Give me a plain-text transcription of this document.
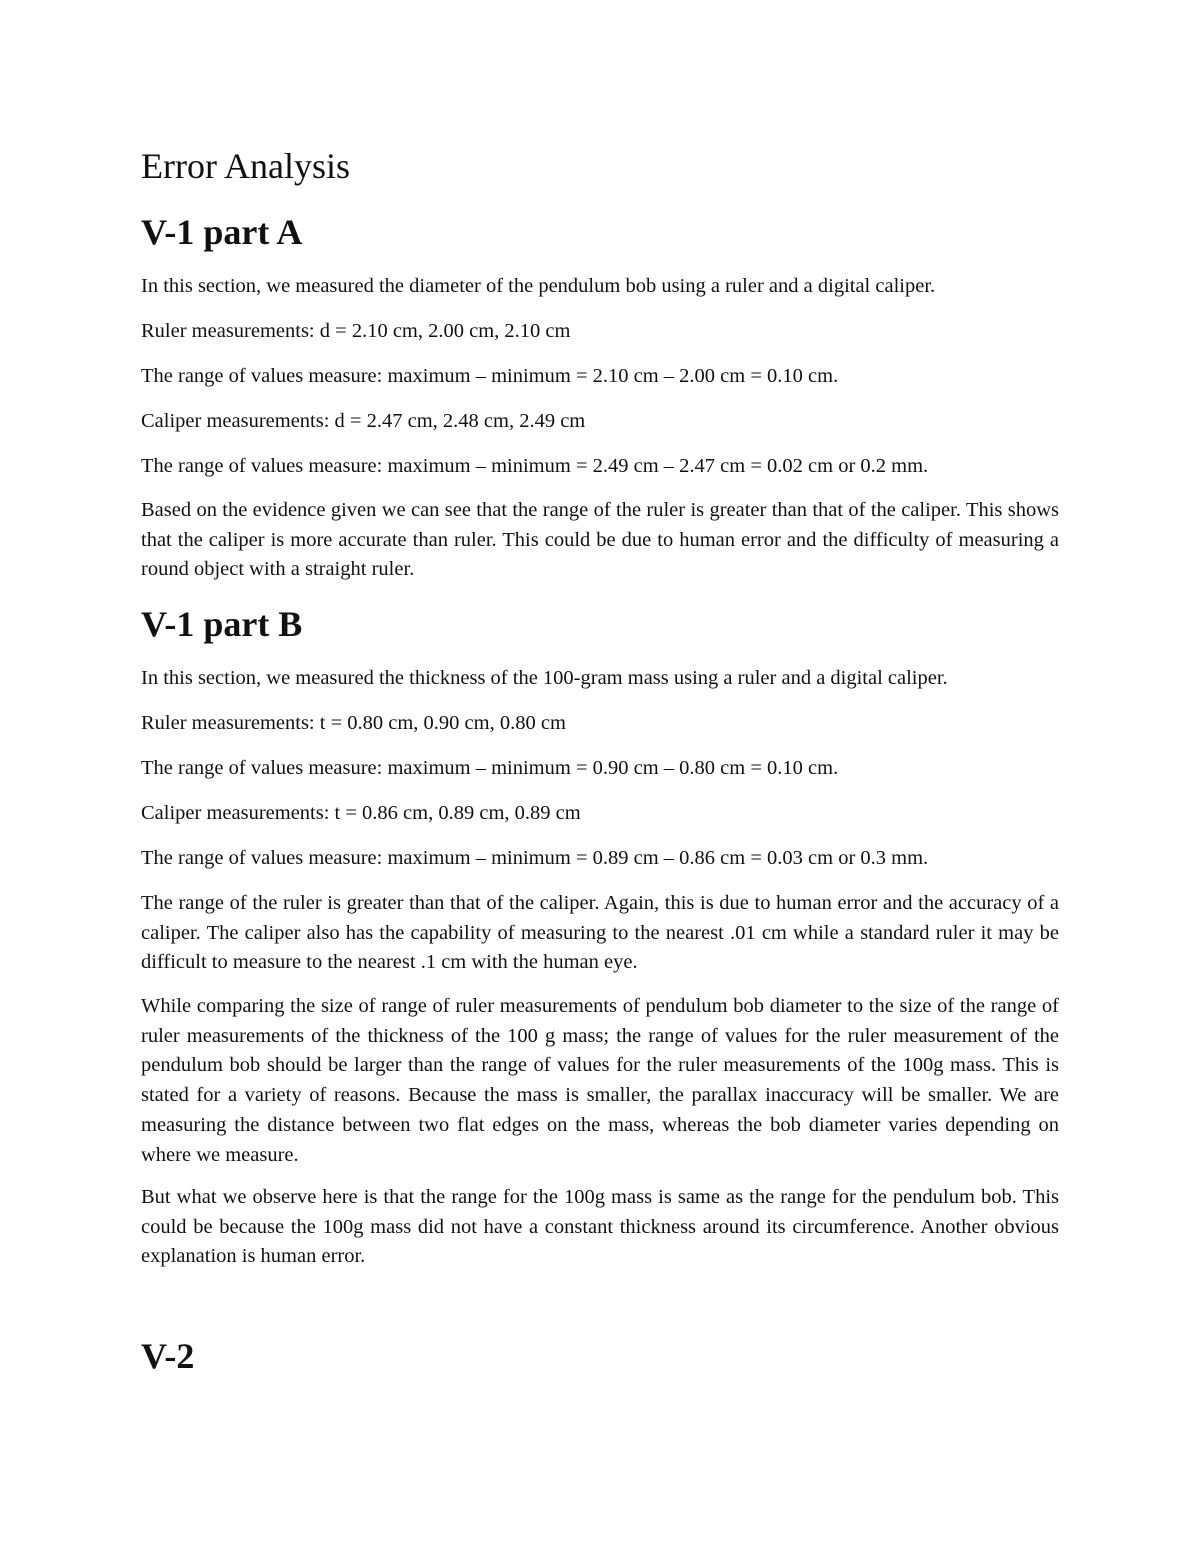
Error Analysis
V-1 part A

In this section, we measured the diameter of the pendulum bob using a ruler and a digital caliper.

Ruler measurements: d = 2.10 cm, 2.00 cm, 2.10 cm

The range of values measure: maximum – minimum = 2.10 cm – 2.00 cm = 0.10 cm.

Caliper measurements: d = 2.47 cm, 2.48 cm, 2.49 cm

The range of values measure: maximum – minimum = 2.49 cm – 2.47 cm = 0.02 cm or 0.2 mm.

Based on the evidence given we can see that the range of the ruler is greater than that of the caliper. This shows that the caliper is more accurate than ruler. This could be due to human error and the difficulty of measuring a round object with a straight ruler.

V-1 part B

In this section, we measured the thickness of the 100-gram mass using a ruler and a digital caliper.

Ruler measurements: t = 0.80 cm, 0.90 cm, 0.80 cm

The range of values measure: maximum – minimum = 0.90 cm – 0.80 cm = 0.10 cm.

Caliper measurements: t = 0.86 cm, 0.89 cm, 0.89 cm

The range of values measure: maximum – minimum = 0.89 cm – 0.86 cm = 0.03 cm or 0.3 mm.

The range of the ruler is greater than that of the caliper. Again, this is due to human error and the accuracy of a caliper. The caliper also has the capability of measuring to the nearest .01 cm while a standard ruler it may be difficult to measure to the nearest .1 cm with the human eye.

While comparing the size of range of ruler measurements of pendulum bob diameter to the size of the range of ruler measurements of the thickness of the 100 g mass; the range of values for the ruler measurement of the pendulum bob should be larger than the range of values for the ruler measurements of the 100g mass. This is stated for a variety of reasons. Because the mass is smaller, the parallax inaccuracy will be smaller. We are measuring the distance between two flat edges on the mass, whereas the bob diameter varies depending on where we measure.

But what we observe here is that the range for the 100g mass is same as the range for the pendulum bob. This could be because the 100g mass did not have a constant thickness around its circumference. Another obvious explanation is human error.

V-2
